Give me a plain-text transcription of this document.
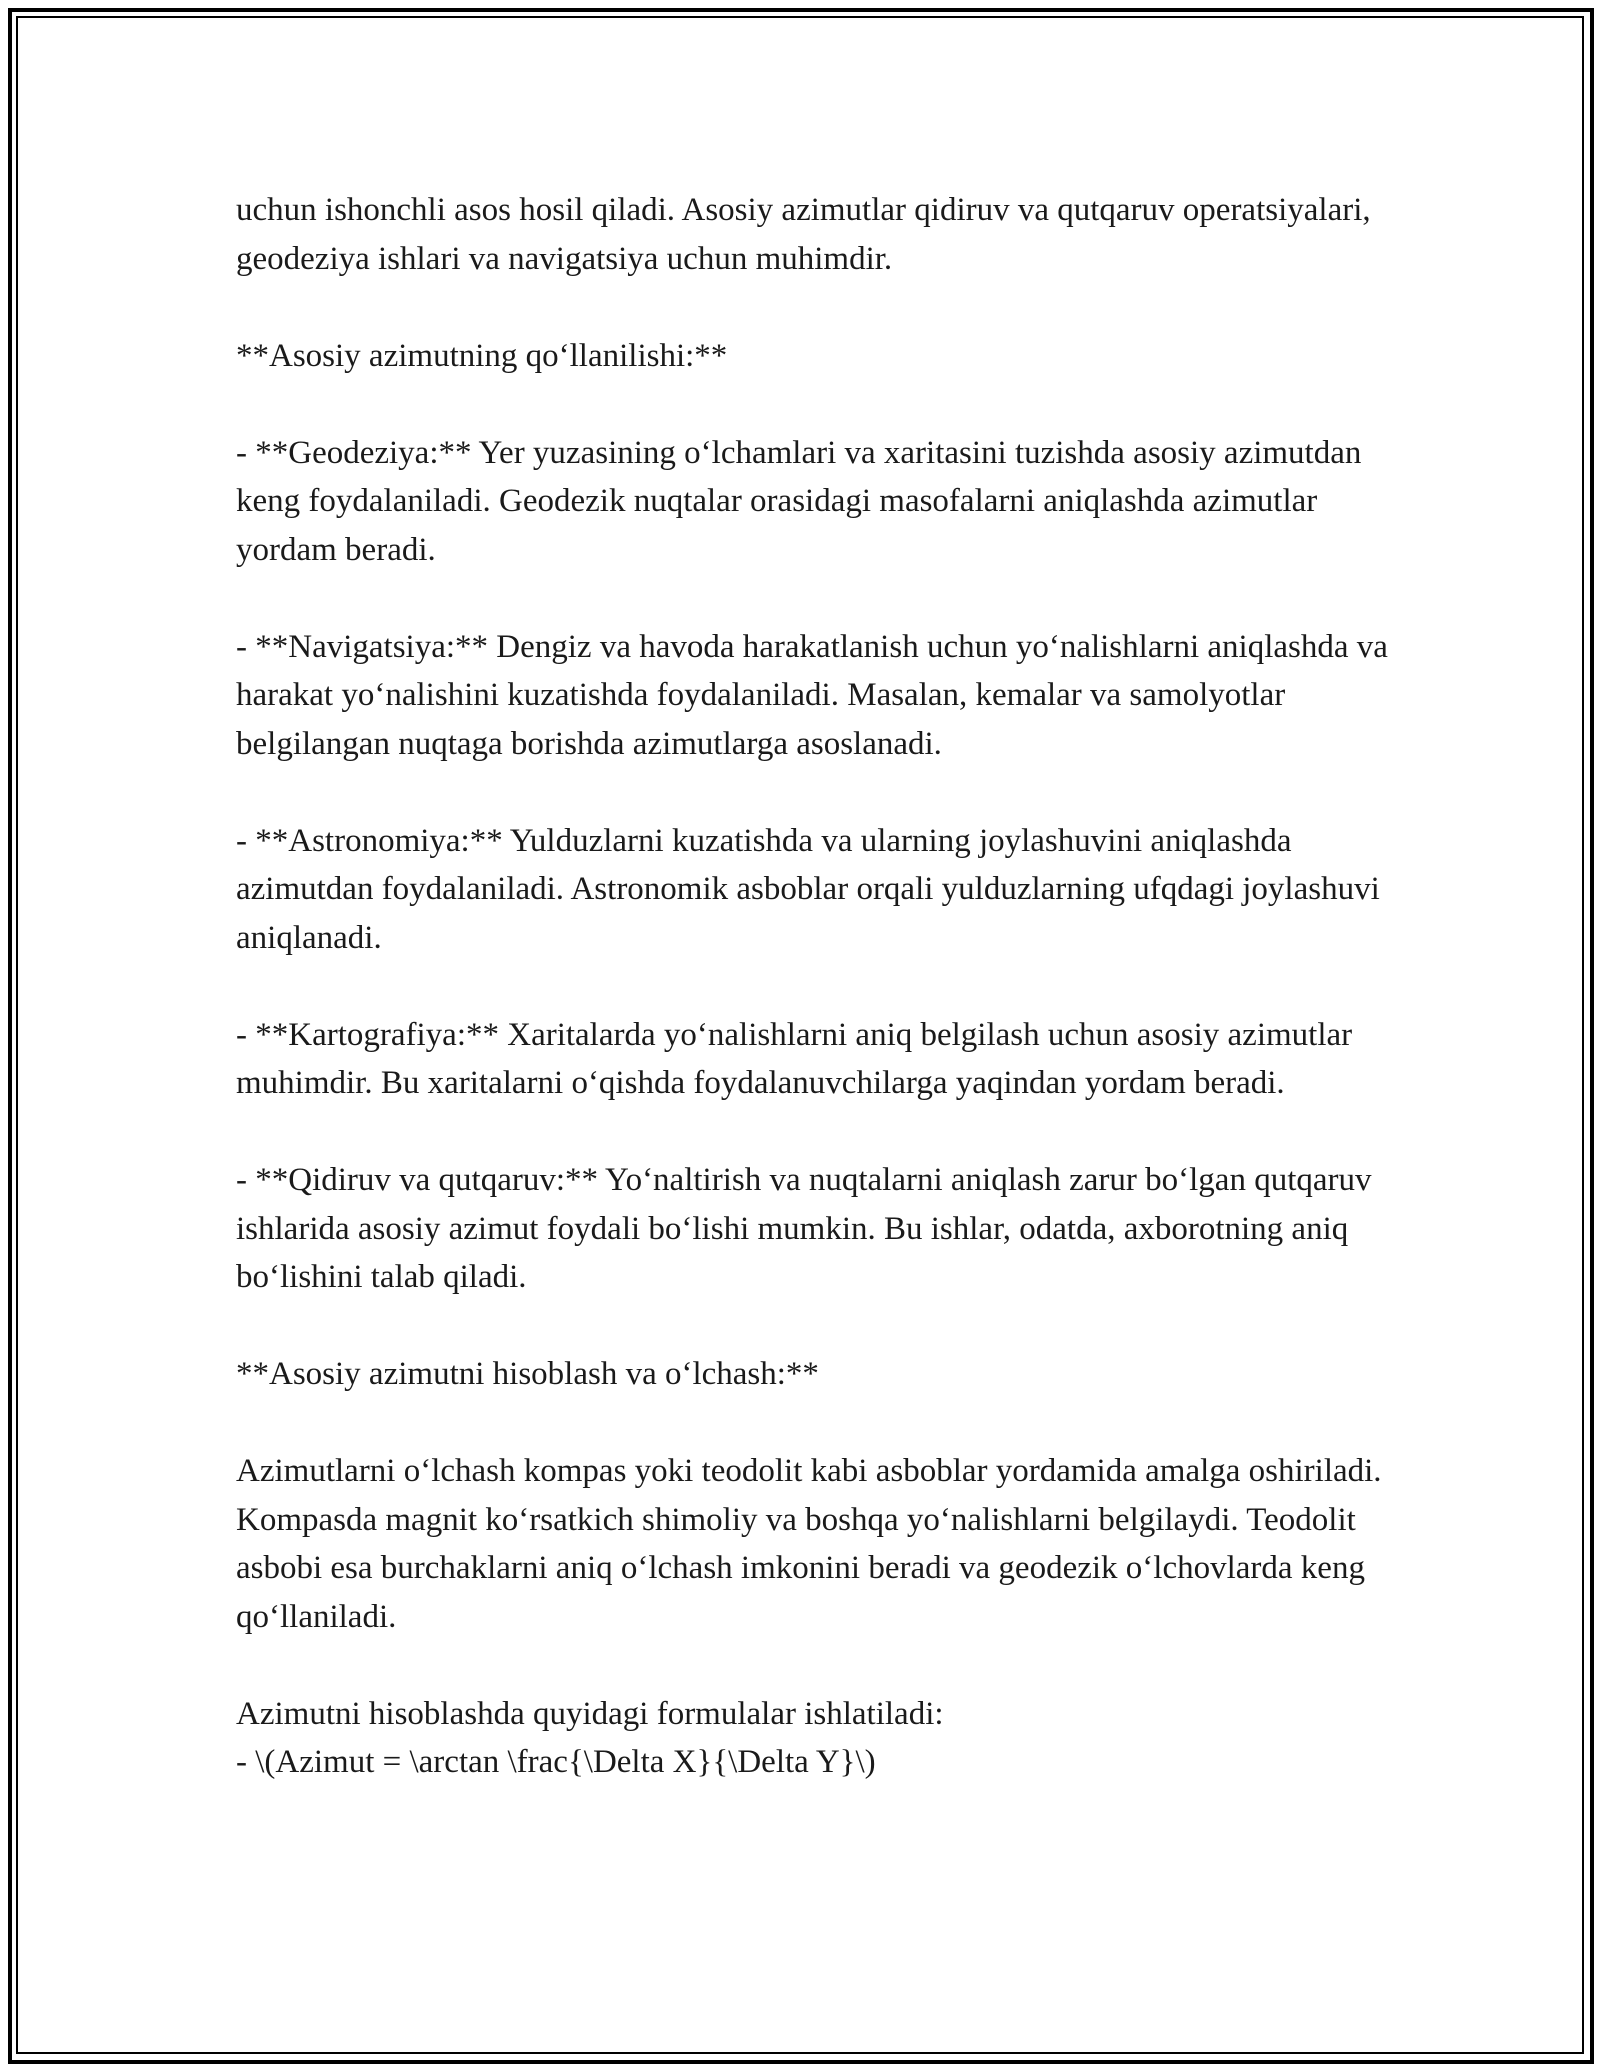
uchun ishonchli asos hosil qiladi. Asosiy azimutlar qidiruv va qutqaruv operatsiyalari, geodeziya ishlari va navigatsiya uchun muhimdir.

**Asosiy azimutning qo‘llanilishi:**

- **Geodeziya:** Yer yuzasining o‘lchamlari va xaritasini tuzishda asosiy azimutdan keng foydalaniladi. Geodezik nuqtalar orasidagi masofalarni aniqlashda azimutlar yordam beradi.

- **Navigatsiya:** Dengiz va havoda harakatlanish uchun yo‘nalishlarni aniqlashda va harakat yo‘nalishini kuzatishda foydalaniladi. Masalan, kemalar va samolyotlar belgilangan nuqtaga borishda azimutlarga asoslanadi.

- **Astronomiya:** Yulduzlarni kuzatishda va ularning joylashuvini aniqlashda azimutdan foydalaniladi. Astronomik asboblar orqali yulduzlarning ufqdagi joylashuvi aniqlanadi.

- **Kartografiya:** Xaritalarda yo‘nalishlarni aniq belgilash uchun asosiy azimutlar muhimdir. Bu xaritalarni o‘qishda foydalanuvchilarga yaqindan yordam beradi.

- **Qidiruv va qutqaruv:** Yo‘naltirish va nuqtalarni aniqlash zarur bo‘lgan qutqaruv ishlarida asosiy azimut foydali bo‘lishi mumkin. Bu ishlar, odatda, axborotning aniq bo‘lishini talab qiladi.

**Asosiy azimutni hisoblash va o‘lchash:**

Azimutlarni o‘lchash kompas yoki teodolit kabi asboblar yordamida amalga oshiriladi. Kompasda magnit ko‘rsatkich shimoliy va boshqa yo‘nalishlarni belgilaydi. Teodolit asbobi esa burchaklarni aniq o‘lchash imkonini beradi va geodezik o‘lchovlarda keng qo‘llaniladi.

Azimutni hisoblashda quyidagi formulalar ishlatiladi:

- \(Azimut = \arctan \frac{\Delta X}{\Delta Y}\)
